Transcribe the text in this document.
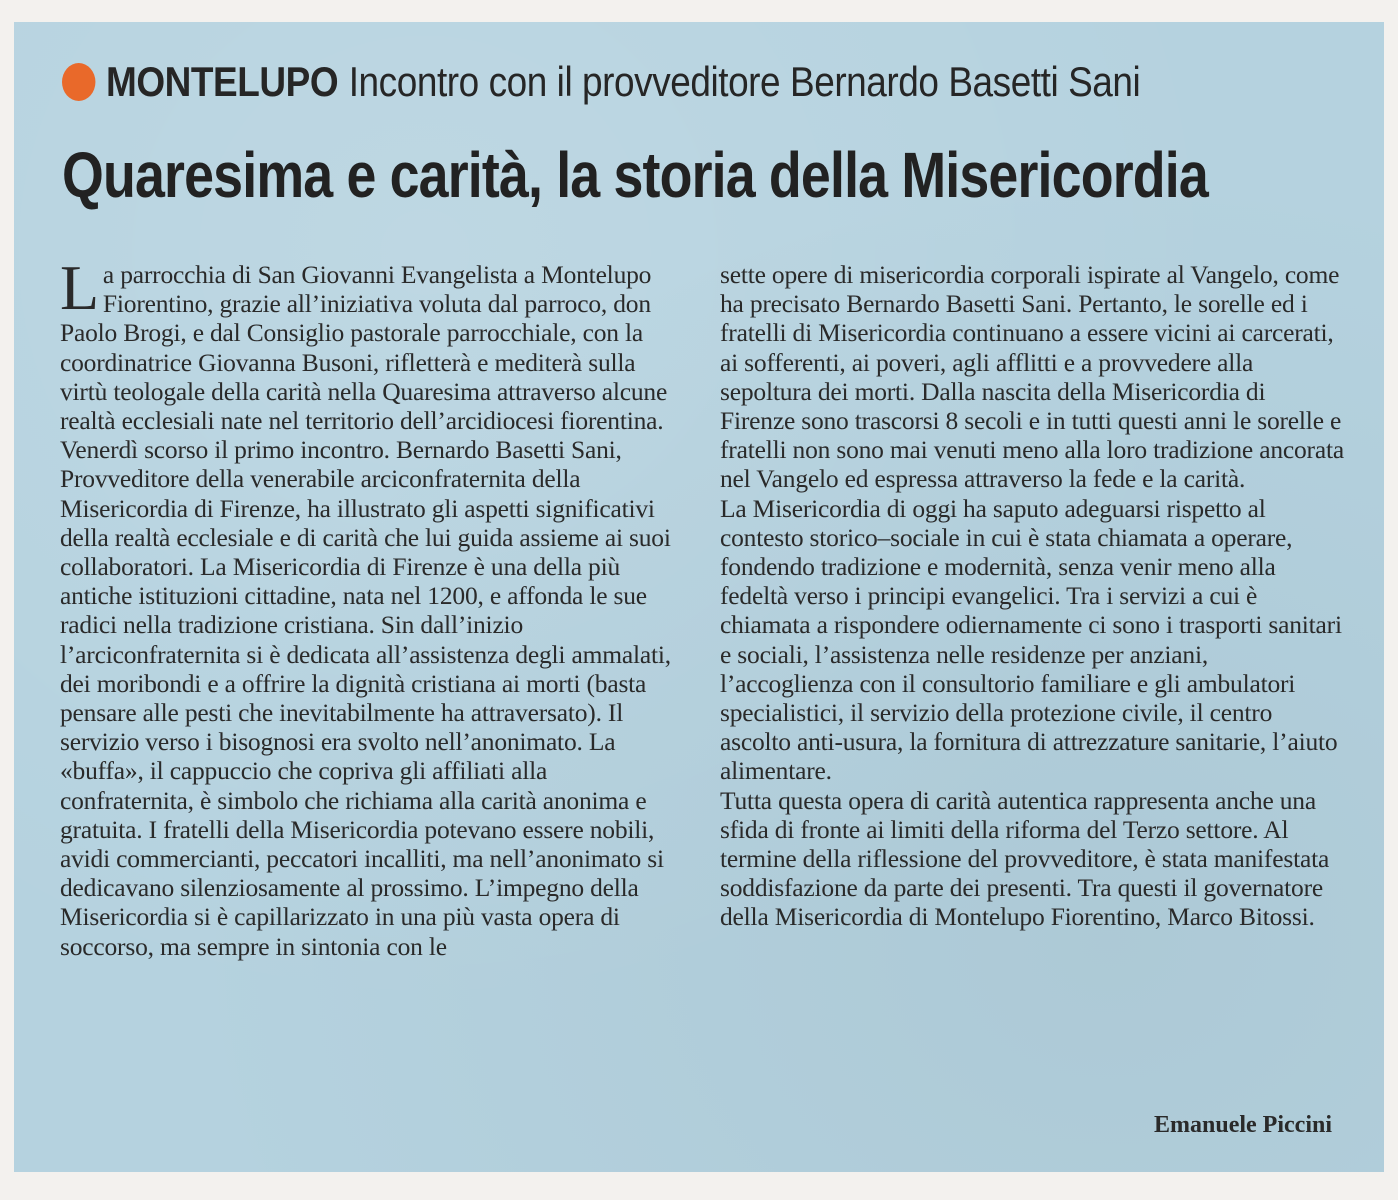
MONTELUPO Incontro con il provveditore Bernardo Basetti Sani
Quaresima e carità, la storia della Misericordia

La parrocchia di San Giovanni Evangelista a Montelupo Fiorentino, grazie all’iniziativa voluta dal parroco, don Paolo Brogi, e dal Consiglio pastorale parrocchiale, con la coordinatrice Giovanna Busoni, rifletterà e mediterà sulla virtù teologale della carità nella Quaresima attraverso alcune realtà ecclesiali nate nel territorio dell’arcidiocesi fiorentina.

Venerdì scorso il primo incontro. Bernardo Basetti Sani, Provveditore della venerabile arciconfraternita della Misericordia di Firenze, ha illustrato gli aspetti significativi della realtà ecclesiale e di carità che lui guida assieme ai suoi collaboratori. La Misericordia di Firenze è una della più antiche istituzioni cittadine, nata nel 1200, e affonda le sue radici nella tradizione cristiana. Sin dall’inizio l’arciconfraternita si è dedicata all’assistenza degli ammalati, dei moribondi e a offrire la dignità cristiana ai morti (basta pensare alle pesti che inevitabilmente ha attraversato). Il servizio verso i bisognosi era svolto nell’anonimato. La «buffa», il cappuccio che copriva gli affiliati alla confraternita, è simbolo che richiama alla carità anonima e gratuita. I fratelli della Misericordia potevano essere nobili, avidi commercianti, peccatori incalliti, ma nell’anonimato si dedicavano silenziosamente al prossimo. L’impegno della Misericordia si è capillarizzato in una più vasta opera di soccorso, ma sempre in sintonia con le

sette opere di misericordia corporali ispirate al Vangelo, come ha precisato Bernardo Basetti Sani. Pertanto, le sorelle ed i fratelli di Misericordia continuano a essere vicini ai carcerati, ai sofferenti, ai poveri, agli afflitti e a provvedere alla sepoltura dei morti. Dalla nascita della Misericordia di Firenze sono trascorsi 8 secoli e in tutti questi anni le sorelle e fratelli non sono mai venuti meno alla loro tradizione ancorata nel Vangelo ed espressa attraverso la fede e la carità.

La Misericordia di oggi ha saputo adeguarsi rispetto al contesto storico–sociale in cui è stata chiamata a operare, fondendo tradizione e modernità, senza venir meno alla fedeltà verso i principi evangelici. Tra i servizi a cui è chiamata a rispondere odiernamente ci sono i trasporti sanitari e sociali, l’assistenza nelle residenze per anziani, l’accoglienza con il consultorio familiare e gli ambulatori specialistici, il servizio della protezione civile, il centro ascolto anti-usura, la fornitura di attrezzature sanitarie, l’aiuto alimentare.

Tutta questa opera di carità autentica rappresenta anche una sfida di fronte ai limiti della riforma del Terzo settore. Al termine della riflessione del provveditore, è stata manifestata soddisfazione da parte dei presenti. Tra questi il governatore della Misericordia di Montelupo Fiorentino, Marco Bitossi.

Emanuele Piccini
